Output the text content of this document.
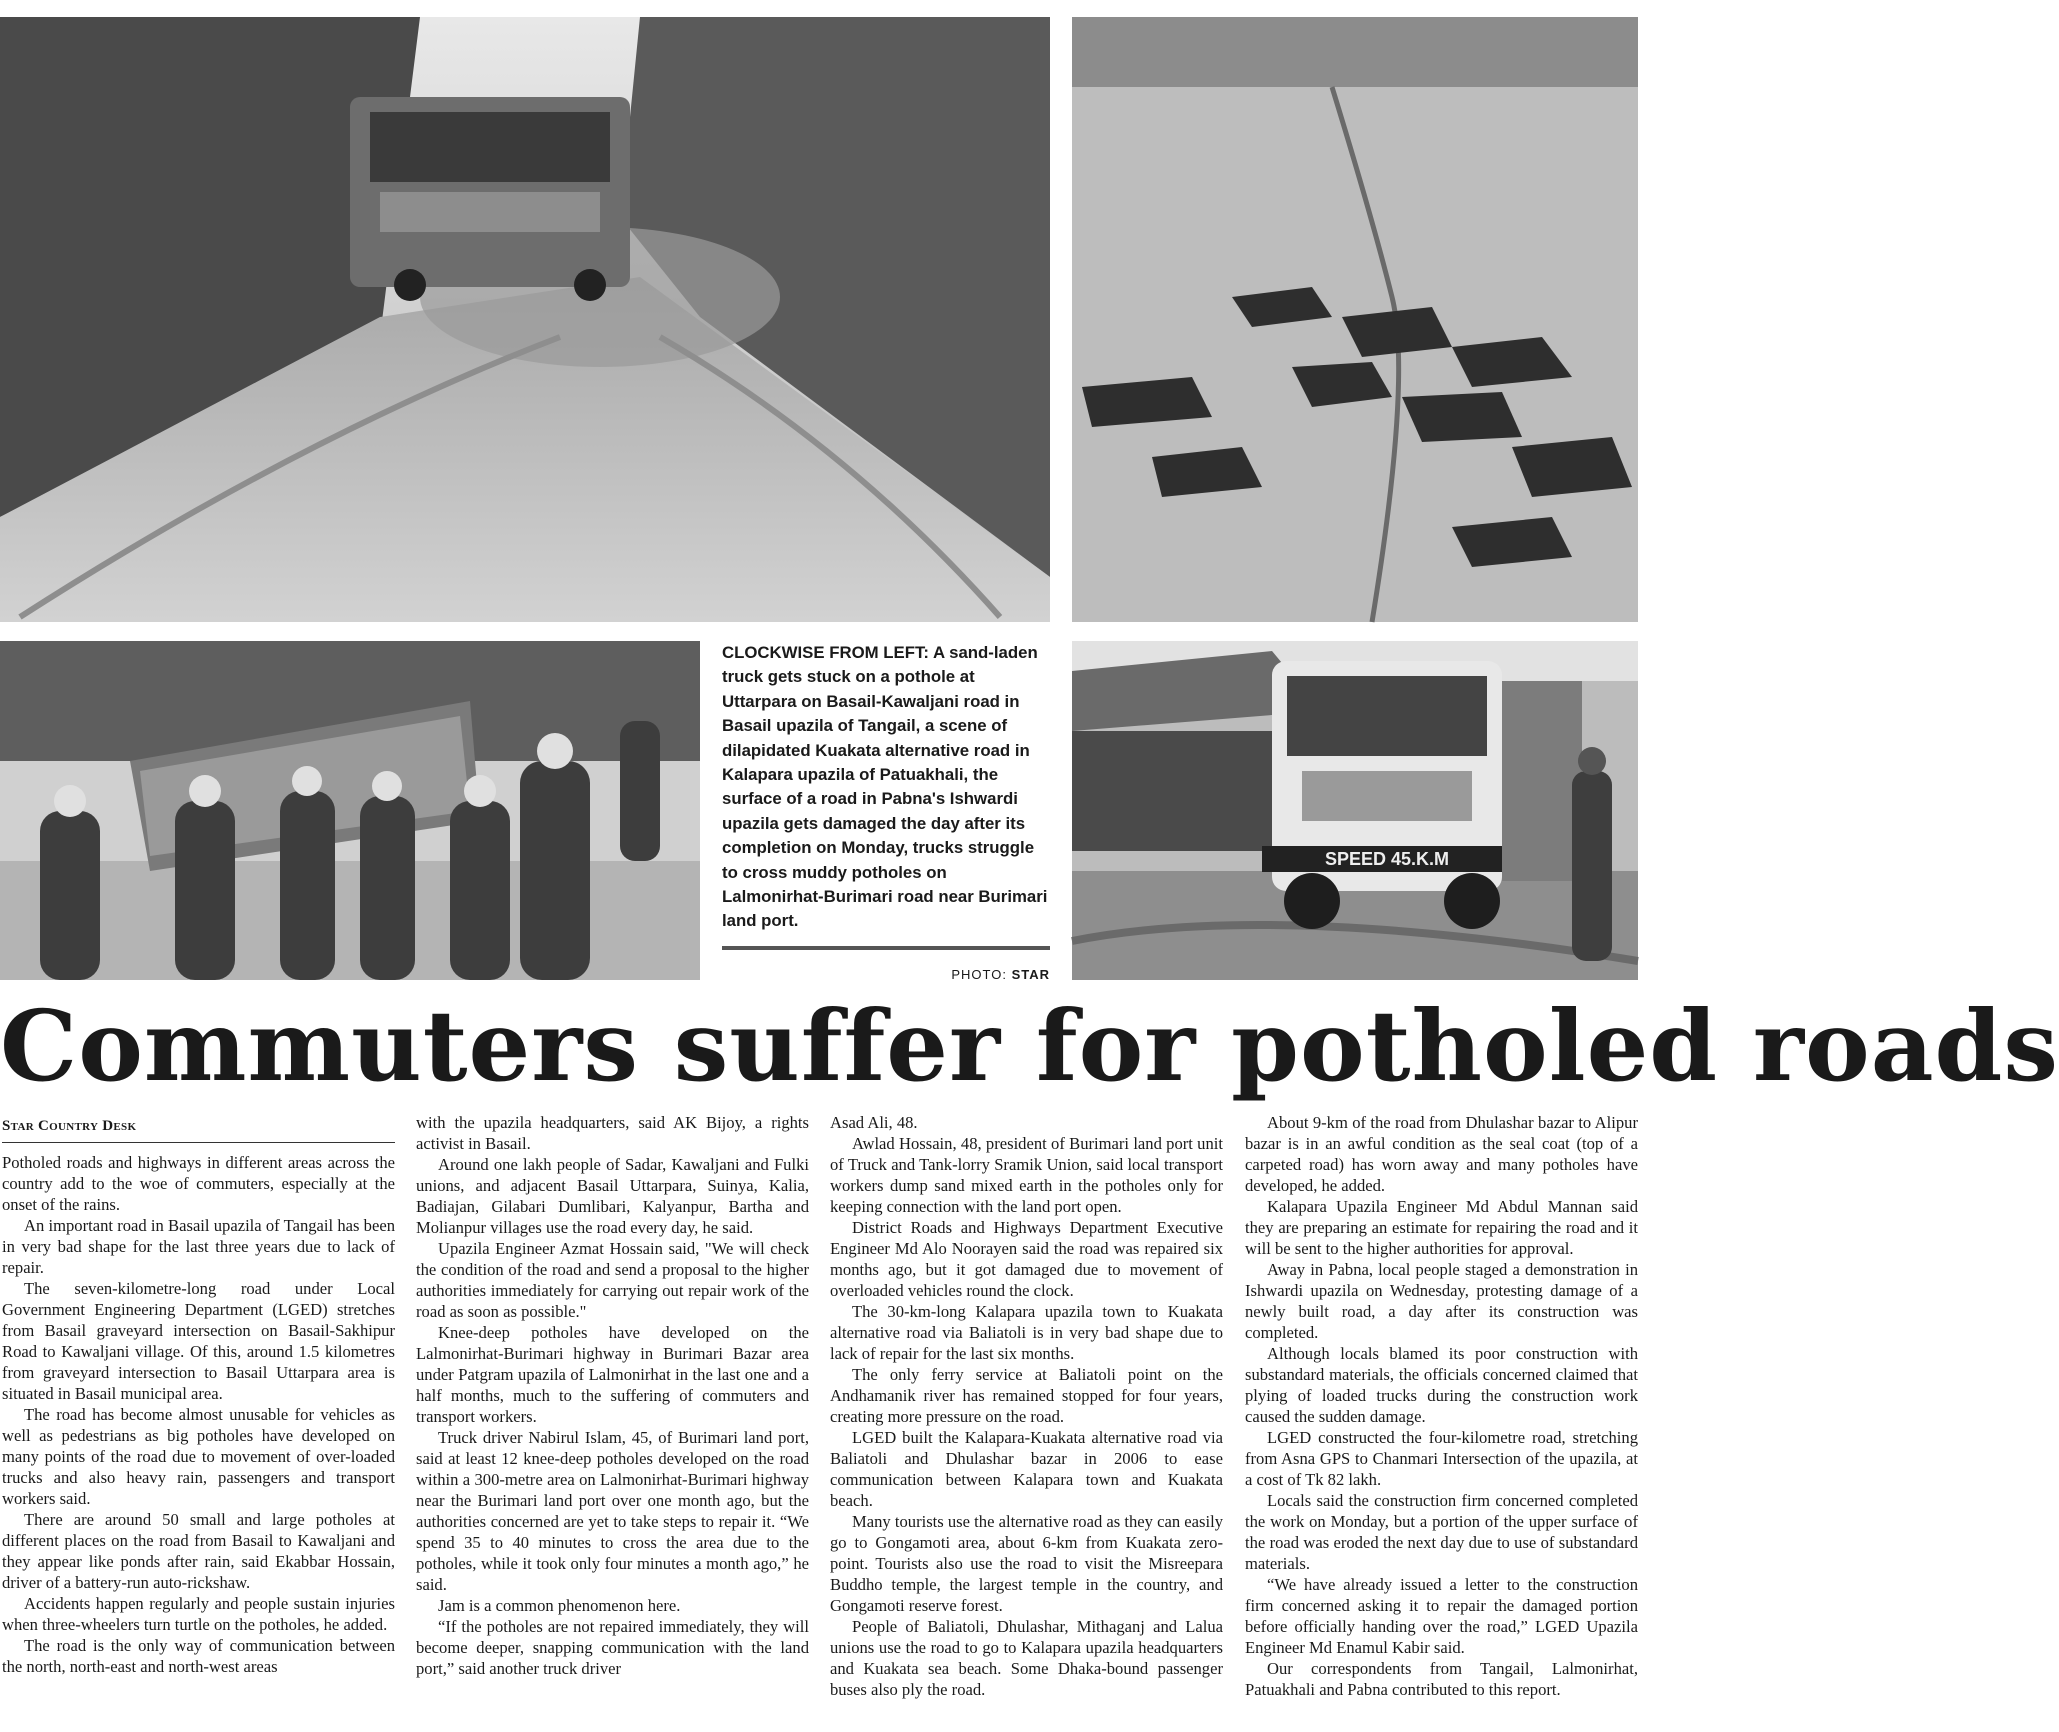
CLOCKWISE FROM LEFT: A sand-laden truck gets stuck on a pothole at Uttarpara on Basail-Kawaljani road in Basail upazila of Tangail, a scene of dilapidated Kuakata alternative road in Kalapara upazila of Patuakhali, the surface of a road in Pabna's Ishwardi upazila gets damaged the day after its completion on Monday, trucks struggle to cross muddy potholes on Lalmonirhat-Burimari road near Burimari land port.
PHOTO: STAR
SPEED 45.K.M
Commuters suffer for potholed roads
Star Country Desk

Potholed roads and highways in different areas across the country add to the woe of commuters, especially at the onset of the rains.

An important road in Basail upazila of Tangail has been in very bad shape for the last three years due to lack of repair.

The seven-kilometre-long road under Local Government Engineering Department (LGED) stretches from Basail graveyard intersection on Basail-Sakhipur Road to Kawaljani village. Of this, around 1.5 kilometres from graveyard intersection to Basail Uttarpara area is situated in Basail municipal area.

The road has become almost unusable for vehicles as well as pedestrians as big potholes have developed on many points of the road due to movement of over-loaded trucks and also heavy rain, passengers and transport workers said.

There are around 50 small and large potholes at different places on the road from Basail to Kawaljani and they appear like ponds after rain, said Ekabbar Hossain, driver of a battery-run auto-rickshaw.

Accidents happen regularly and people sustain injuries when three-wheelers turn turtle on the potholes, he added.

The road is the only way of communication between the north, north-east and north-west areas

with the upazila headquarters, said AK Bijoy, a rights activist in Basail.

Around one lakh people of Sadar, Kawaljani and Fulki unions, and adjacent Basail Uttarpara, Suinya, Kalia, Badiajan, Gilabari Dumlibari, Kalyanpur, Bartha and Molianpur villages use the road every day, he said.

Upazila Engineer Azmat Hossain said, "We will check the condition of the road and send a proposal to the higher authorities immediately for carrying out repair work of the road as soon as possible."

Knee-deep potholes have developed on the Lalmonirhat-Burimari highway in Burimari Bazar area under Patgram upazila of Lalmonirhat in the last one and a half months, much to the suffering of commuters and transport workers.

Truck driver Nabirul Islam, 45, of Burimari land port, said at least 12 knee-deep potholes developed on the road within a 300-metre area on Lalmonirhat-Burimari highway near the Burimari land port over one month ago, but the authorities concerned are yet to take steps to repair it. “We spend 35 to 40 minutes to cross the area due to the potholes, while it took only four minutes a month ago,” he said.

Jam is a common phenomenon here.

“If the potholes are not repaired immediately, they will become deeper, snapping communication with the land port,” said another truck driver

Asad Ali, 48.

Awlad Hossain, 48, president of Burimari land port unit of Truck and Tank-lorry Sramik Union, said local transport workers dump sand mixed earth in the potholes only for keeping connection with the land port open.

District Roads and Highways Department Executive Engineer Md Alo Noorayen said the road was repaired six months ago, but it got damaged due to movement of overloaded vehicles round the clock.

The 30-km-long Kalapara upazila town to Kuakata alternative road via Baliatoli is in very bad shape due to lack of repair for the last six months.

The only ferry service at Baliatoli point on the Andhamanik river has remained stopped for four years, creating more pressure on the road.

LGED built the Kalapara-Kuakata alternative road via Baliatoli and Dhulashar bazar in 2006 to ease communication between Kalapara town and Kuakata beach.

Many tourists use the alternative road as they can easily go to Gongamoti area, about 6-km from Kuakata zero-point. Tourists also use the road to visit the Misreepara Buddho temple, the largest temple in the country, and Gongamoti reserve forest.

People of Baliatoli, Dhulashar, Mithaganj and Lalua unions use the road to go to Kalapara upazila headquarters and Kuakata sea beach. Some Dhaka-bound passenger buses also ply the road.

About 9-km of the road from Dhulashar bazar to Alipur bazar is in an awful condition as the seal coat (top of a carpeted road) has worn away and many potholes have developed, he added.

Kalapara Upazila Engineer Md Abdul Mannan said they are preparing an estimate for repairing the road and it will be sent to the higher authorities for approval.

Away in Pabna, local people staged a demonstration in Ishwardi upazila on Wednesday, protesting damage of a newly built road, a day after its construction was completed.

Although locals blamed its poor construction with substandard materials, the officials concerned claimed that plying of loaded trucks during the construction work caused the sudden damage.

LGED constructed the four-kilometre road, stretching from Asna GPS to Chanmari Intersection of the upazila, at a cost of Tk 82 lakh.

Locals said the construction firm concerned completed the work on Monday, but a portion of the upper surface of the road was eroded the next day due to use of substandard materials.

“We have already issued a letter to the construction firm concerned asking it to repair the damaged portion before officially handing over the road,” LGED Upazila Engineer Md Enamul Kabir said.

Our correspondents from Tangail, Lalmonirhat, Patuakhali and Pabna contributed to this report.
